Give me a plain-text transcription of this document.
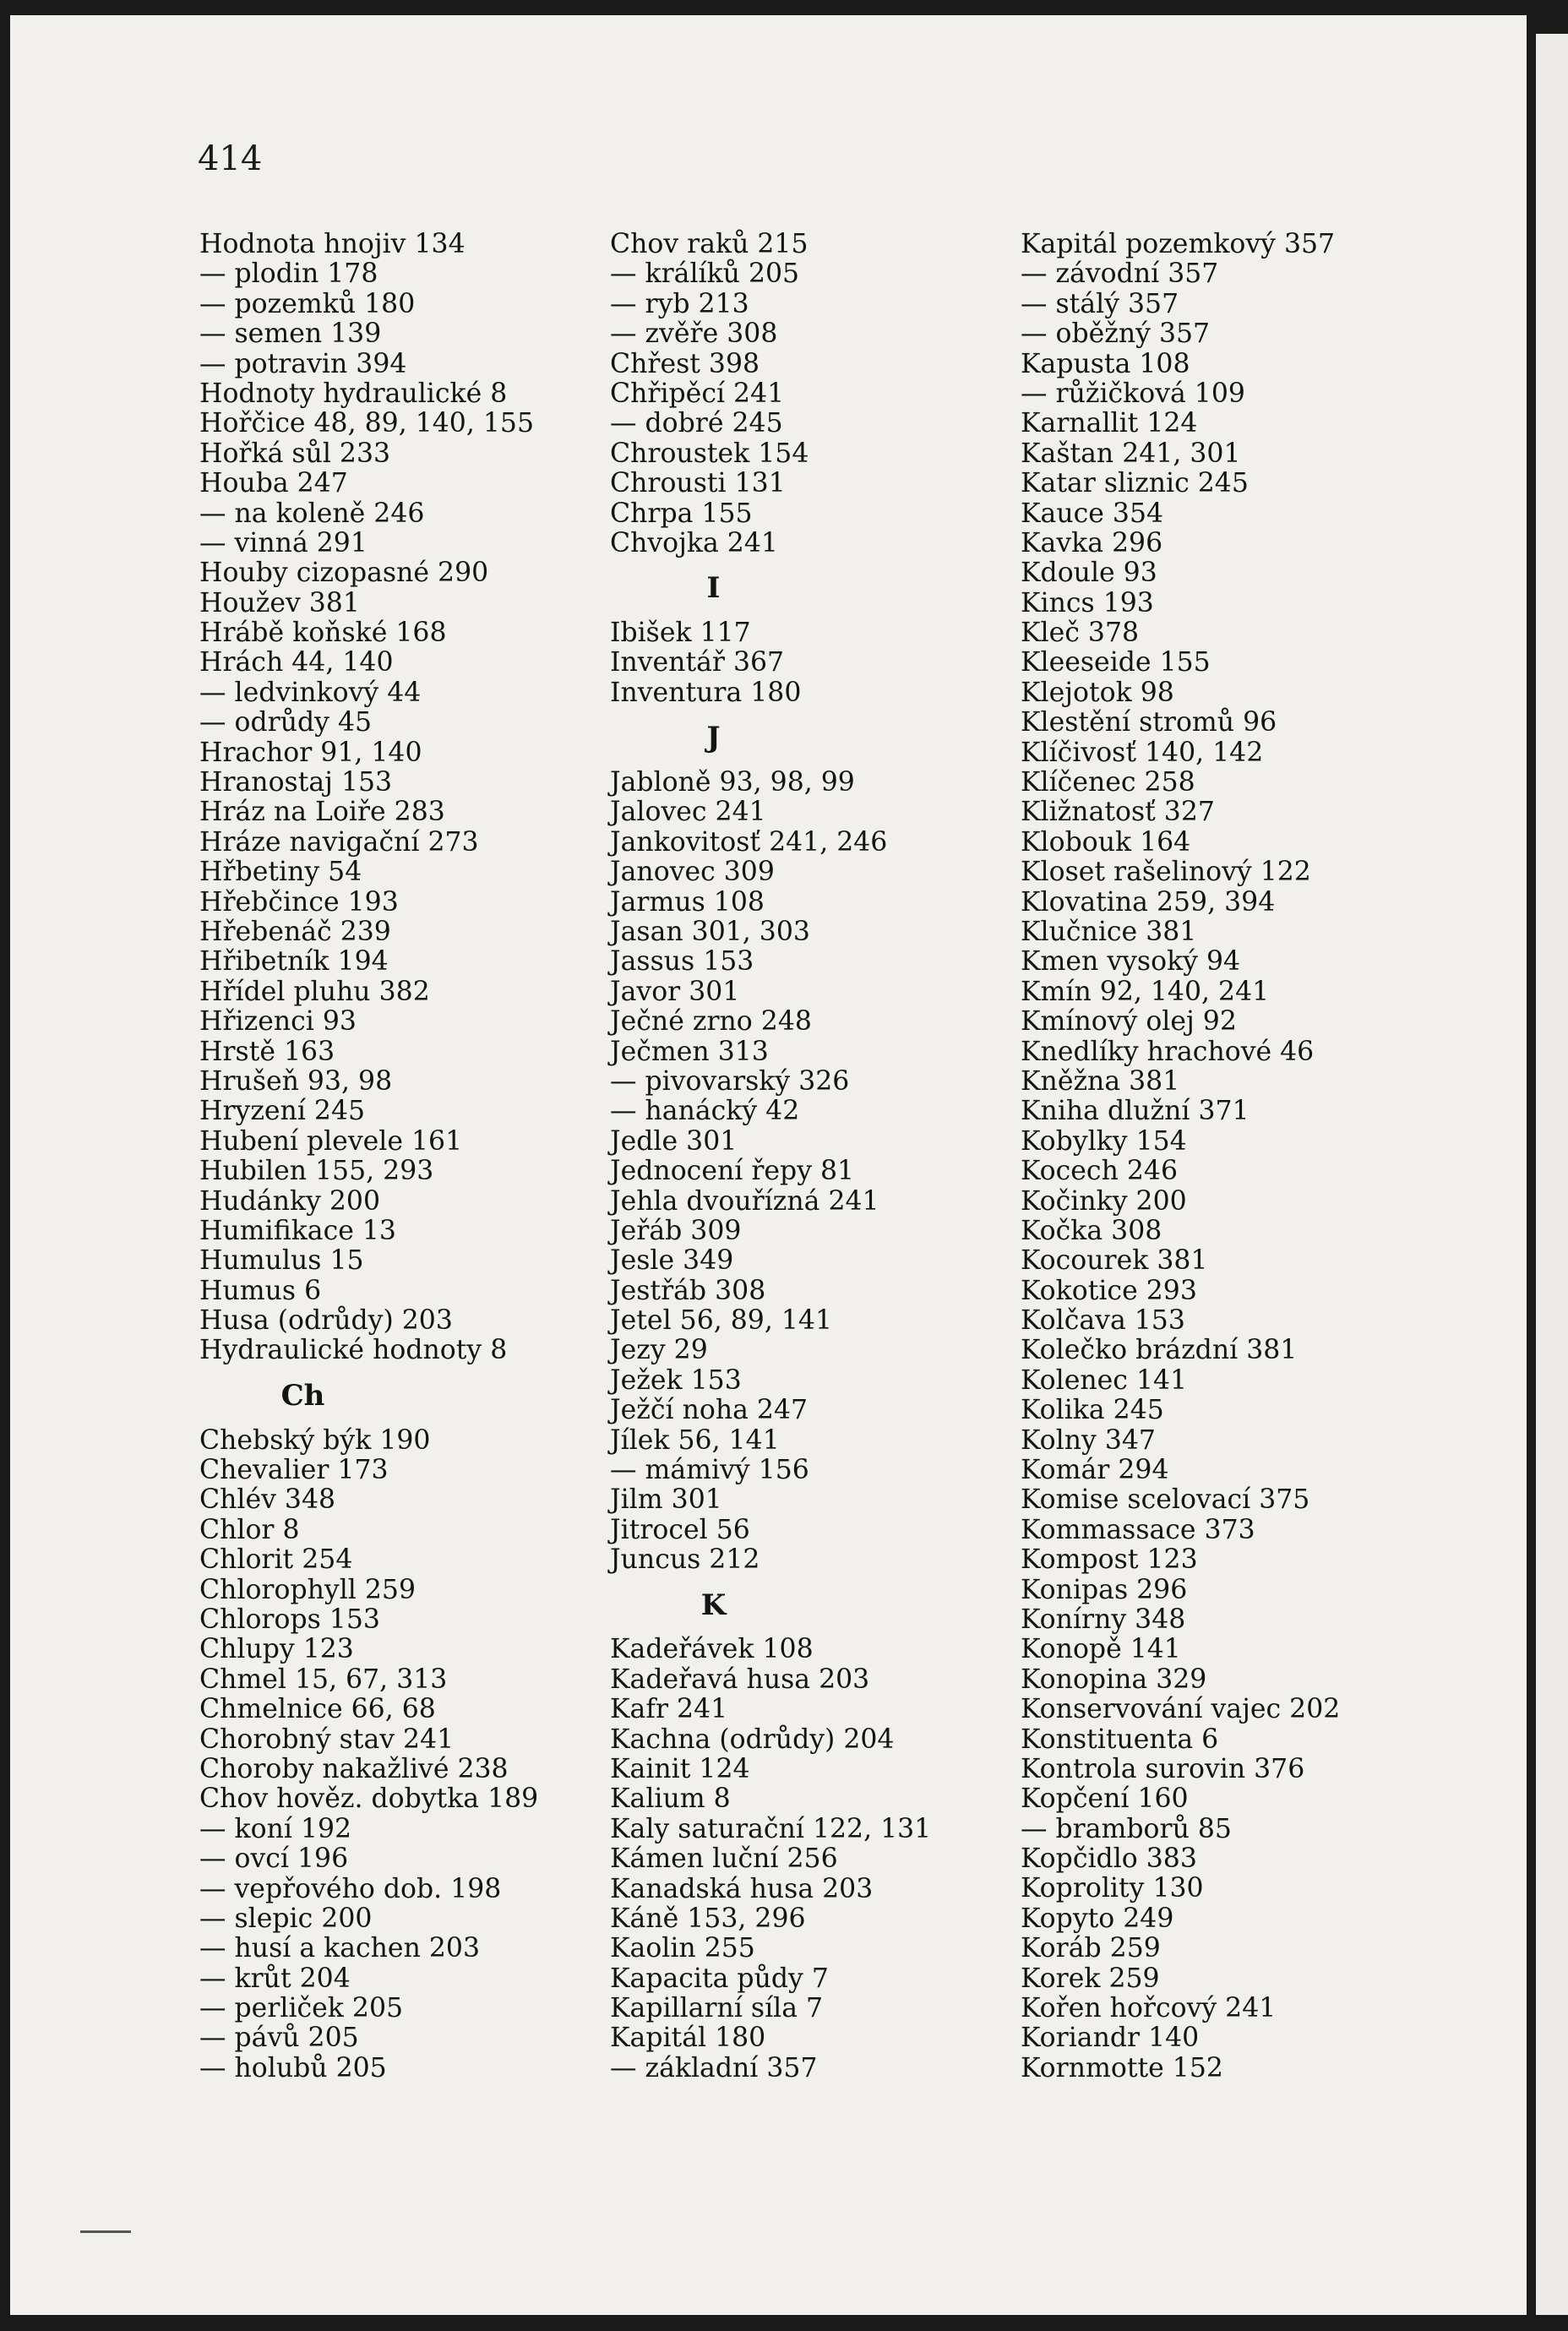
414
Hodnota hnojiv 134
— plodin 178
— pozemků 180
— semen 139
— potravin 394
Hodnoty hydraulické 8
Hořčice 48, 89, 140, 155
Hořká sůl 233
Houba 247
— na koleně 246
— vinná 291
Houby cizopasné 290
Houžev 381
Hrábě koňské 168
Hrách 44, 140
— ledvinkový 44
— odrůdy 45
Hrachor 91, 140
Hranostaj 153
Hráz na Loiře 283
Hráze navigační 273
Hřbetiny 54
Hřebčince 193
Hřebenáč 239
Hřibetník 194
Hřídel pluhu 382
Hřizenci 93
Hrstě 163
Hrušeň 93, 98
Hryzení 245
Hubení plevele 161
Hubilen 155, 293
Hudánky 200
Humifikace 13
Humulus 15
Humus 6
Husa (odrůdy) 203
Hydraulické hodnoty 8
Ch
Chebský býk 190
Chevalier 173
Chlév 348
Chlor 8
Chlorit 254
Chlorophyll 259
Chlorops 153
Chlupy 123
Chmel 15, 67, 313
Chmelnice 66, 68
Chorobný stav 241
Choroby nakažlivé 238
Chov hověz. dobytka 189
— koní 192
— ovcí 196
— vepřového dob. 198
— slepic 200
— husí a kachen 203
— krůt 204
— perliček 205
— pávů 205
— holubů 205
Chov raků 215
— králíků 205
— ryb 213
— zvěře 308
Chřest 398
Chřipěcí 241
— dobré 245
Chroustek 154
Chrousti 131
Chrpa 155
Chvojka 241
I
Ibišek 117
Inventář 367
Inventura 180
J
Jabloně 93, 98, 99
Jalovec 241
Jankovitosť 241, 246
Janovec 309
Jarmus 108
Jasan 301, 303
Jassus 153
Javor 301
Ječné zrno 248
Ječmen 313
— pivovarský 326
— hanácký 42
Jedle 301
Jednocení řepy 81
Jehla dvouřízná 241
Jeřáb 309
Jesle 349
Jestřáb 308
Jetel 56, 89, 141
Jezy 29
Ježek 153
Ježčí noha 247
Jílek 56, 141
— mámivý 156
Jilm 301
Jitrocel 56
Juncus 212
K
Kadeřávek 108
Kadeřavá husa 203
Kafr 241
Kachna (odrůdy) 204
Kainit 124
Kalium 8
Kaly saturační 122, 131
Kámen luční 256
Kanadská husa 203
Káně 153, 296
Kaolin 255
Kapacita půdy 7
Kapillarní síla 7
Kapitál 180
— základní 357
Kapitál pozemkový 357
— závodní 357
— stálý 357
— oběžný 357
Kapusta 108
— růžičková 109
Karnallit 124
Kaštan 241, 301
Katar sliznic 245
Kauce 354
Kavka 296
Kdoule 93
Kincs 193
Kleč 378
Kleeseide 155
Klejotok 98
Klestění stromů 96
Klíčivosť 140, 142
Klíčenec 258
Kližnatosť 327
Klobouk 164
Kloset rašelinový 122
Klovatina 259, 394
Klučnice 381
Kmen vysoký 94
Kmín 92, 140, 241
Kmínový olej 92
Knedlíky hrachové 46
Kněžna 381
Kniha dlužní 371
Kobylky 154
Kocech 246
Kočinky 200
Kočka 308
Kocourek 381
Kokotice 293
Kolčava 153
Kolečko brázdní 381
Kolenec 141
Kolika 245
Kolny 347
Komár 294
Komise scelovací 375
Kommassace 373
Kompost 123
Konipas 296
Konírny 348
Konopě 141
Konopina 329
Konservování vajec 202
Konstituenta 6
Kontrola surovin 376
Kopčení 160
— bramborů 85
Kopčidlo 383
Koprolity 130
Kopyto 249
Koráb 259
Korek 259
Kořen hořcový 241
Koriandr 140
Kornmotte 152
